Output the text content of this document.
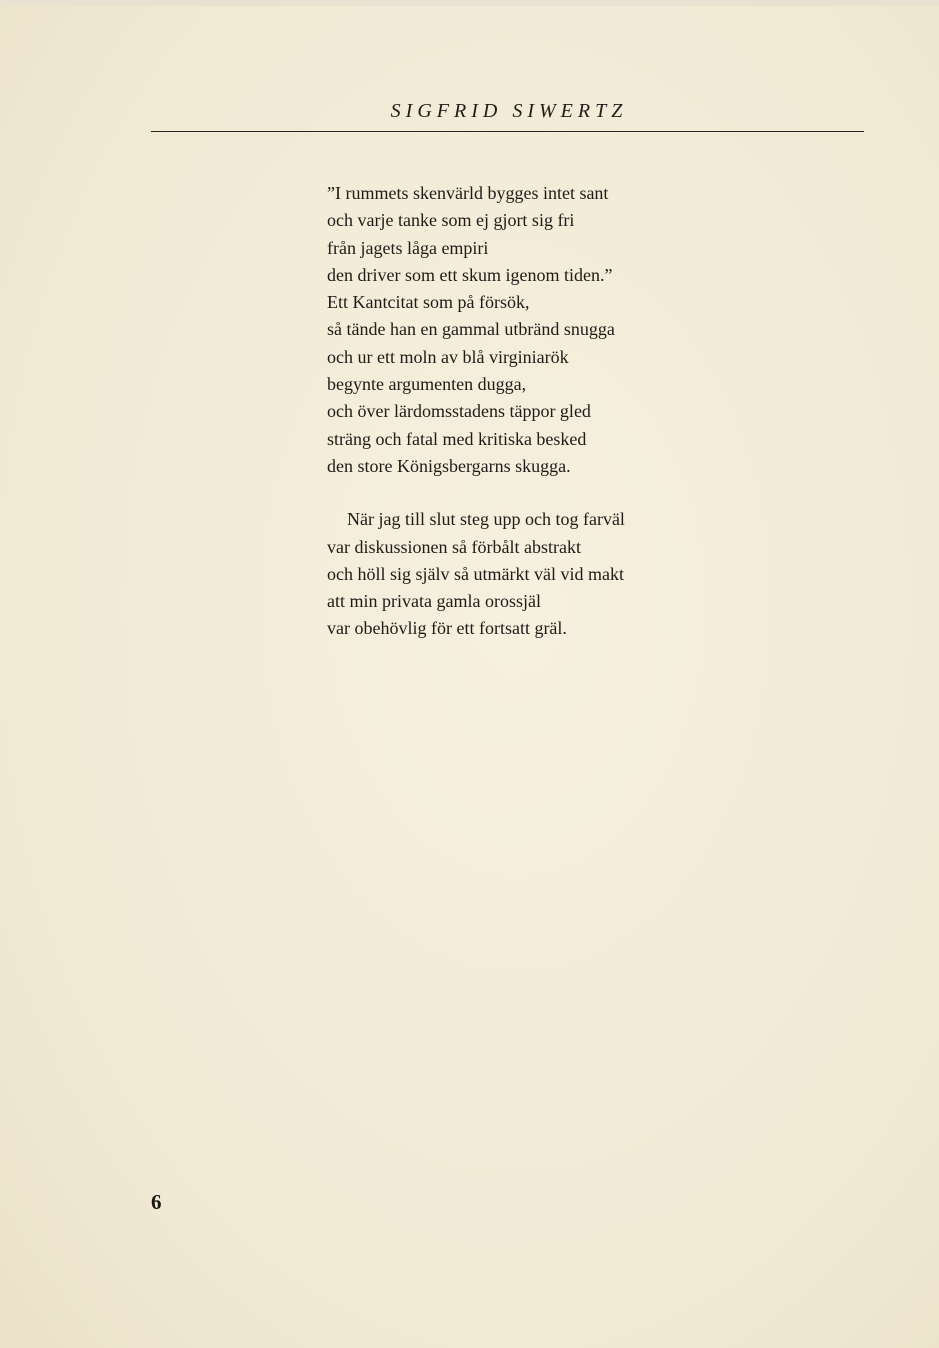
SIGFRID SIWERTZ

”I rummets skenvärld bygges intet sant

och varje tanke som ej gjort sig fri

från jagets låga empiri

den driver som ett skum igenom tiden.”

Ett Kantcitat som på försök,

så tände han en gammal utbränd snugga

och ur ett moln av blå virginiarök

begynte argumenten dugga,

och över lärdomsstadens täppor gled

sträng och fatal med kritiska besked

den store Königsbergarns skugga.

När jag till slut steg upp och tog farväl

var diskussionen så förbålt abstrakt

och höll sig själv så utmärkt väl vid makt

att min privata gamla orossjäl

var obehövlig för ett fortsatt gräl.

6
